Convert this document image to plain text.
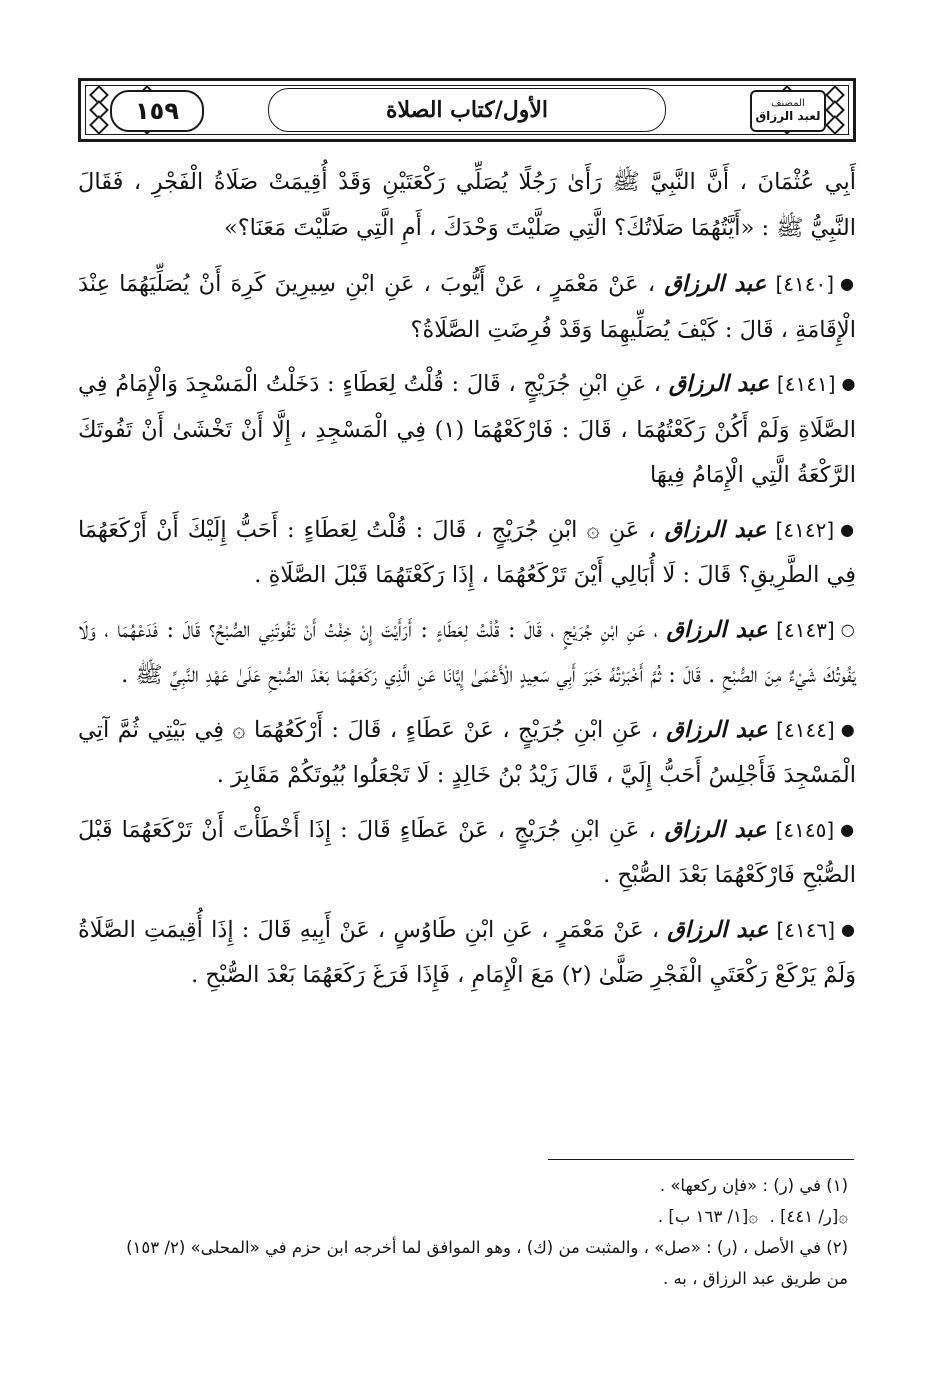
١٥٩	الأول/كتاب الصلاة	المصنف
لعبد الرزاق

أَبِي عُثْمَانَ ، أَنَّ النَّبِيَّ ﷺ رَأَىٰ رَجُلًا يُصَلِّي رَكْعَتَيْنِ وَقَدْ أُقِيمَتْ صَلَاةُ الْفَجْرِ ، فَقَالَ النَّبِيُّ ﷺ : «أَيَّتُهُمَا صَلَاتُكَ؟ الَّتِي صَلَّيْتَ وَحْدَكَ ، أَمِ الَّتِي صَلَّيْتَ مَعَنَا؟»

●[٤١٤٠] عبد الرزاق ، عَنْ مَعْمَرٍ ، عَنْ أَيُّوبَ ، عَنِ ابْنِ سِيرِينَ كَرِهَ أَنْ يُصَلِّيَهُمَا عِنْدَ الْإِقَامَةِ ، قَالَ : كَيْفَ يُصَلِّيهِمَا وَقَدْ فُرِضَتِ الصَّلَاةُ؟

●[٤١٤١] عبد الرزاق ، عَنِ ابْنِ جُرَيْجٍ ، قَالَ : قُلْتُ لِعَطَاءٍ : دَخَلْتُ الْمَسْجِدَ وَالْإِمَامُ فِي الصَّلَاةِ وَلَمْ أَكُنْ رَكَعْتُهُمَا ، قَالَ : فَارْكَعْهُمَا (١) فِي الْمَسْجِدِ ، إِلَّا أَنْ تَخْشَىٰ أَنْ تَفُوتَكَ الرَّكْعَةُ الَّتِي الْإِمَامُ فِيهَا

●[٤١٤٢] عبد الرزاق ، عَنِ ۞ ابْنِ جُرَيْجٍ ، قَالَ : قُلْتُ لِعَطَاءٍ : أَحَبُّ إِلَيْكَ أَنْ أَرْكَعَهُمَا فِي الطَّرِيقِ؟ قَالَ : لَا أُبَالِي أَيْنَ تَرْكَعُهُمَا ، إِذَا رَكَعْتَهُمَا قَبْلَ الصَّلَاةِ .

○[٤١٤٣] عبد الرزاق ، عَنِ ابْنِ جُرَيْجٍ ، قَالَ : قُلْتُ لِعَطَاءٍ : أَرَأَيْتَ إِنْ خِفْتُ أَنْ تَفُوتَنِي الصُّبْحُ؟ قَالَ : فَدَعْهُمَا ، وَلَا يَفُوتُكَ شَيْءٌ مِنَ الصُّبْحِ . قَالَ : ثُمَّ أَخْبَرْتُهُ خَبَرَ أَبِي سَعِيدٍ الْأَعْمَىٰ إِيَّانَا عَنِ الَّذِي رَكَعَهُمَا بَعْدَ الصُّبْحِ عَلَىٰ عَهْدِ النَّبِيِّ ﷺ .

●[٤١٤٤] عبد الرزاق ، عَنِ ابْنِ جُرَيْجٍ ، عَنْ عَطَاءٍ ، قَالَ : أَرْكَعُهُمَا ۞ فِي بَيْتِي ثُمَّ آتِي الْمَسْجِدَ فَأَجْلِسُ أَحَبُّ إِلَيَّ ، قَالَ زَيْدُ بْنُ خَالِدٍ : لَا تَجْعَلُوا بُيُوتَكُمْ مَقَابِرَ .

●[٤١٤٥] عبد الرزاق ، عَنِ ابْنِ جُرَيْجٍ ، عَنْ عَطَاءٍ قَالَ : إِذَا أَخْطَأْتَ أَنْ تَرْكَعَهُمَا قَبْلَ الصُّبْحِ فَارْكَعْهُمَا بَعْدَ الصُّبْحِ .

●[٤١٤٦] عبد الرزاق ، عَنْ مَعْمَرٍ ، عَنِ ابْنِ طَاوُسٍ ، عَنْ أَبِيهِ قَالَ : إِذَا أُقِيمَتِ الصَّلَاةُ وَلَمْ يَرْكَعْ رَكْعَتَيِ الْفَجْرِ صَلَّىٰ (٢) مَعَ الْإِمَامِ ، فَإِذَا فَرَغَ رَكَعَهُمَا بَعْدَ الصُّبْحِ .

(١) في (ر) : «فإن ركعها» .

۞[ر/ ٤٤١] .
۞[١/ ١٦٣ ب] .

(٢) في الأصل ، (ر) : «صل» ، والمثبت من (ك) ، وهو الموافق لما أخرجه ابن حزم في «المحلى» (٢/ ١٥٣)

من طريق عبد الرزاق ، به .
